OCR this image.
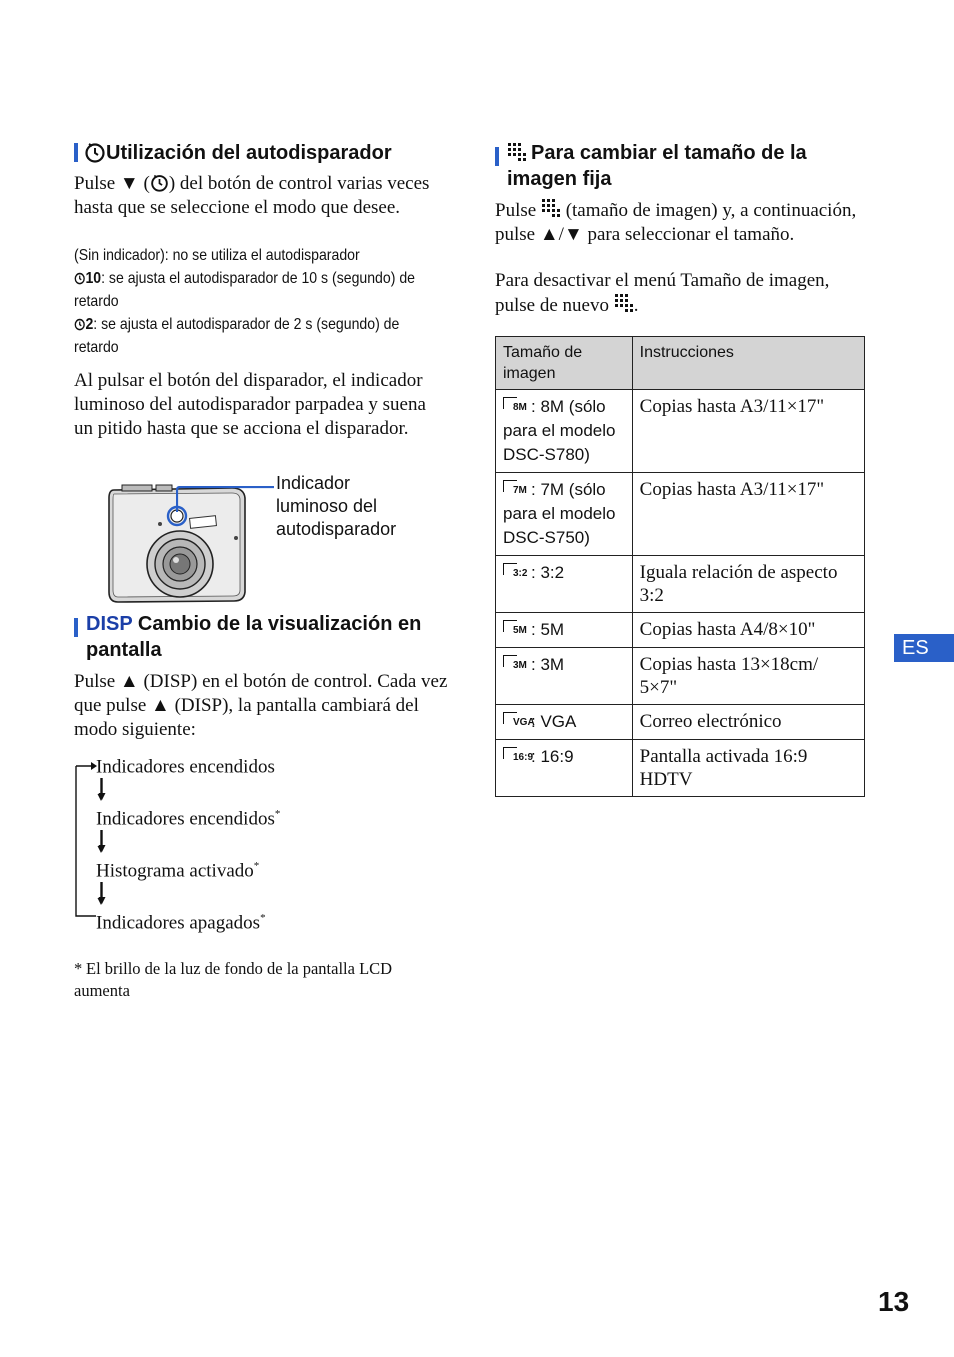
Utilización del autodisparador
Pulse ▼ ( ) del botón de control varias veces hasta que se seleccione el modo que desee.
(Sin indicador): no se utiliza el autodisparador
10: se ajusta el autodisparador de 10 s (segundo) de retardo
2: se ajusta el autodisparador de 2 s (segundo) de retardo
Al pulsar el botón del disparador, el indicador luminoso del autodisparador parpadea y suena un pitido hasta que se acciona el disparador.
Indicador luminoso del autodisparador
DISP Cambio de la visualización en pantalla
Pulse ▲ (DISP) en el botón de control. Cada vez que pulse ▲ (DISP), la pantalla cambiará del modo siguiente:
Indicadores encendidos
Indicadores encendidos*
Histograma activado*
Indicadores apagados*
* El brillo de la luz de fondo de la pantalla LCD aumenta
Para cambiar el tamaño de la imagen fija
Pulse (tamaño de imagen) y, a continuación, pulse ▲/▼ para seleccionar el tamaño.
Para desactivar el menú Tamaño de imagen, pulse de nuevo .
Tamaño de imagen	Instrucciones

8M : 8M (sólo para el modelo DSC-S780)	Copias hasta A3/11×17"

7M : 7M (sólo para el modelo DSC-S750)	Copias hasta A3/11×17"

3:2 : 3:2	Iguala relación de aspecto 3:2

5M : 5M	Copias hasta A4/8×10"

3M : 3M	Copias hasta 13×18cm/ 5×7"

VGA
: VGA	Correo electrónico

16:9
: 16:9	Pantalla activada 16:9 HDTV
ES
13
